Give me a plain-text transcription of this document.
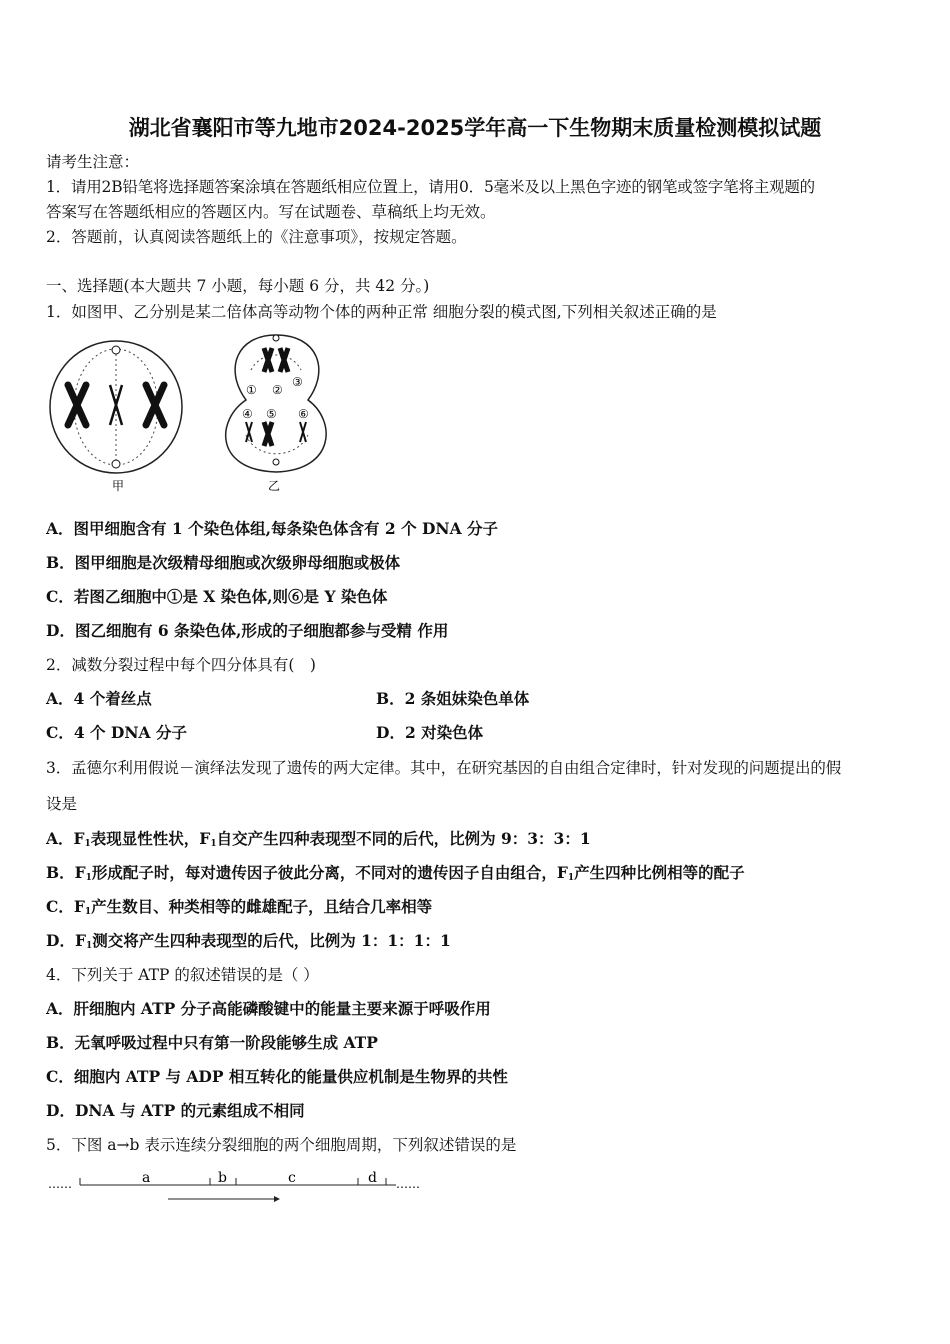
湖北省襄阳市等九地市2024-2025学年高一下生物期末质量检测模拟试题
请考生注意：
1．请用2B铅笔将选择题答案涂填在答题纸相应位置上，请用0．5毫米及以上黑色字迹的钢笔或签字笔将主观题的
答案写在答题纸相应的答题区内。写在试题卷、草稿纸上均无效。
2．答题前，认真阅读答题纸上的《注意事项》，按规定答题。
一、选择题(本大题共 7 小题，每小题 6 分，共 42 分。)
1．如图甲、乙分别是某二倍体高等动物个体的两种正常 细胞分裂的模式图,下列相关叙述正确的是
甲
① ②
③
④ ⑤ ⑥
乙
A．图甲细胞含有 1 个染色体组,每条染色体含有 2 个 DNA 分子
B．图甲细胞是次级精母细胞或次级卵母细胞或极体
C．若图乙细胞中①是 X 染色体,则⑥是 Y 染色体
D．图乙细胞有 6 条染色体,形成的子细胞都参与受精 作用
2．减数分裂过程中每个四分体具有(　)
A．4 个着丝点	B．2 条姐妹染色单体
C．4 个 DNA 分子	D．2 对染色体
3．孟德尔利用假说－演绎法发现了遗传的两大定律。其中，在研究基因的自由组合定律时，针对发现的问题提出的假
设是
A．$F_1$表现显性性状，$F_1$自交产生四种表现型不同的后代，比例为 9：3：3：1
B．$F_1$形成配子时，每对遗传因子彼此分离，不同对的遗传因子自由组合，$F_1$产生四种比例相等的配子
C．$F_1$产生数目、种类相等的雌雄配子，且结合几率相等
D．$F_1$测交将产生四种表现型的后代，比例为 1：1：1：1
4．下列关于 ATP 的叙述错误的是（ ）
A．肝细胞内 ATP 分子高能磷酸键中的能量主要来源于呼吸作用
B．无氧呼吸过程中只有第一阶段能够生成 ATP
C．细胞内 ATP 与 ADP 相互转化的能量供应机制是生物界的共性
D．DNA 与 ATP 的元素组成不相同
5．下图 a→b 表示连续分裂细胞的两个细胞周期，下列叙述错误的是
……	a	b	c	d ……
